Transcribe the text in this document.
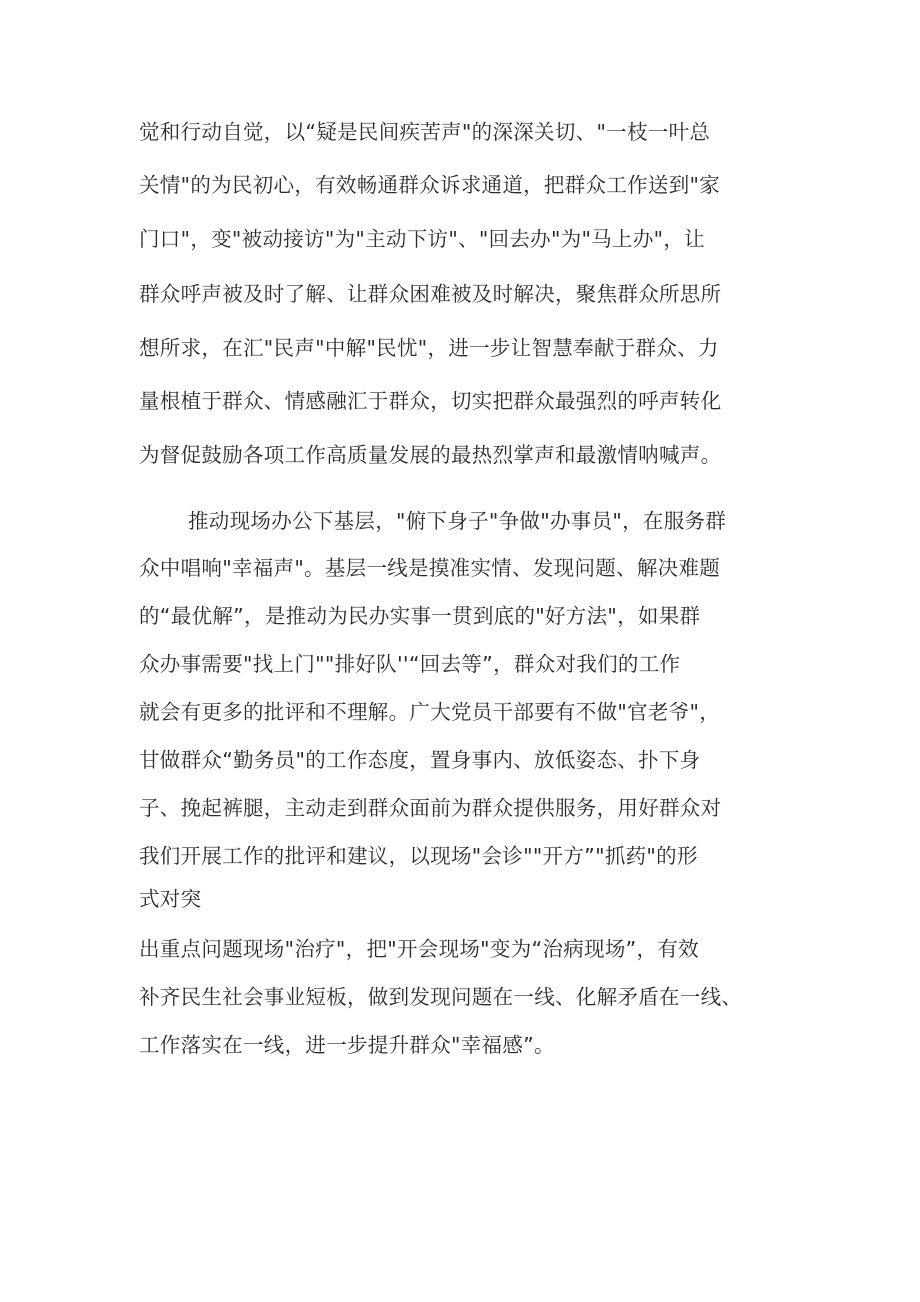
觉和行动自觉，以“疑是民间疾苦声"的深深关切、"一枝一叶总

关情"的为民初心，有效畅通群众诉求通道，把群众工作送到"家

门口"，变"被动接访"为"主动下访"、"回去办"为"马上办"，让

群众呼声被及时了解、让群众困难被及时解决，聚焦群众所思所

想所求，在汇"民声"中解"民忧"，进一步让智慧奉献于群众、力

量根植于群众、情感融汇于群众，切实把群众最强烈的呼声转化

为督促鼓励各项工作高质量发展的最热烈掌声和最激情呐喊声。

推动现场办公下基层，"俯下身子"争做"办事员"，在服务群

众中唱响"幸福声"。基层一线是摸准实情、发现问题、解决难题

的“最优解”，是推动为民办实事一贯到底的"好方法"，如果群

众办事需要"找上门""排好队''“回去等”，群众对我们的工作

就会有更多的批评和不理解。广大党员干部要有不做"官老爷"，

甘做群众“勤务员"的工作态度，置身事内、放低姿态、扑下身

子、挽起裤腿，主动走到群众面前为群众提供服务，用好群众对

我们开展工作的批评和建议，以现场"会诊""开方”"抓药"的形

式对突

出重点问题现场"治疗"，把"开会现场"变为“治病现场”，有效

补齐民生社会事业短板，做到发现问题在一线、化解矛盾在一线、

工作落实在一线，进一步提升群众"幸福感”。
